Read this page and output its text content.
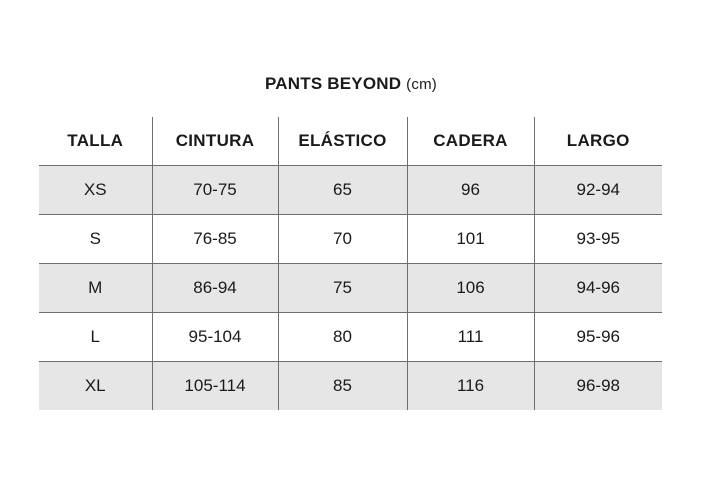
PANTS BEYOND (cm)
TALLA	CINTURA	ELÁSTICO	CADERA	LARGO
XS	70-75	65	96	92-94
S	76-85	70	101	93-95
M	86-94	75	106	94-96
L	95-104	80	111	95-96
XL	105-114	85	116	96-98
